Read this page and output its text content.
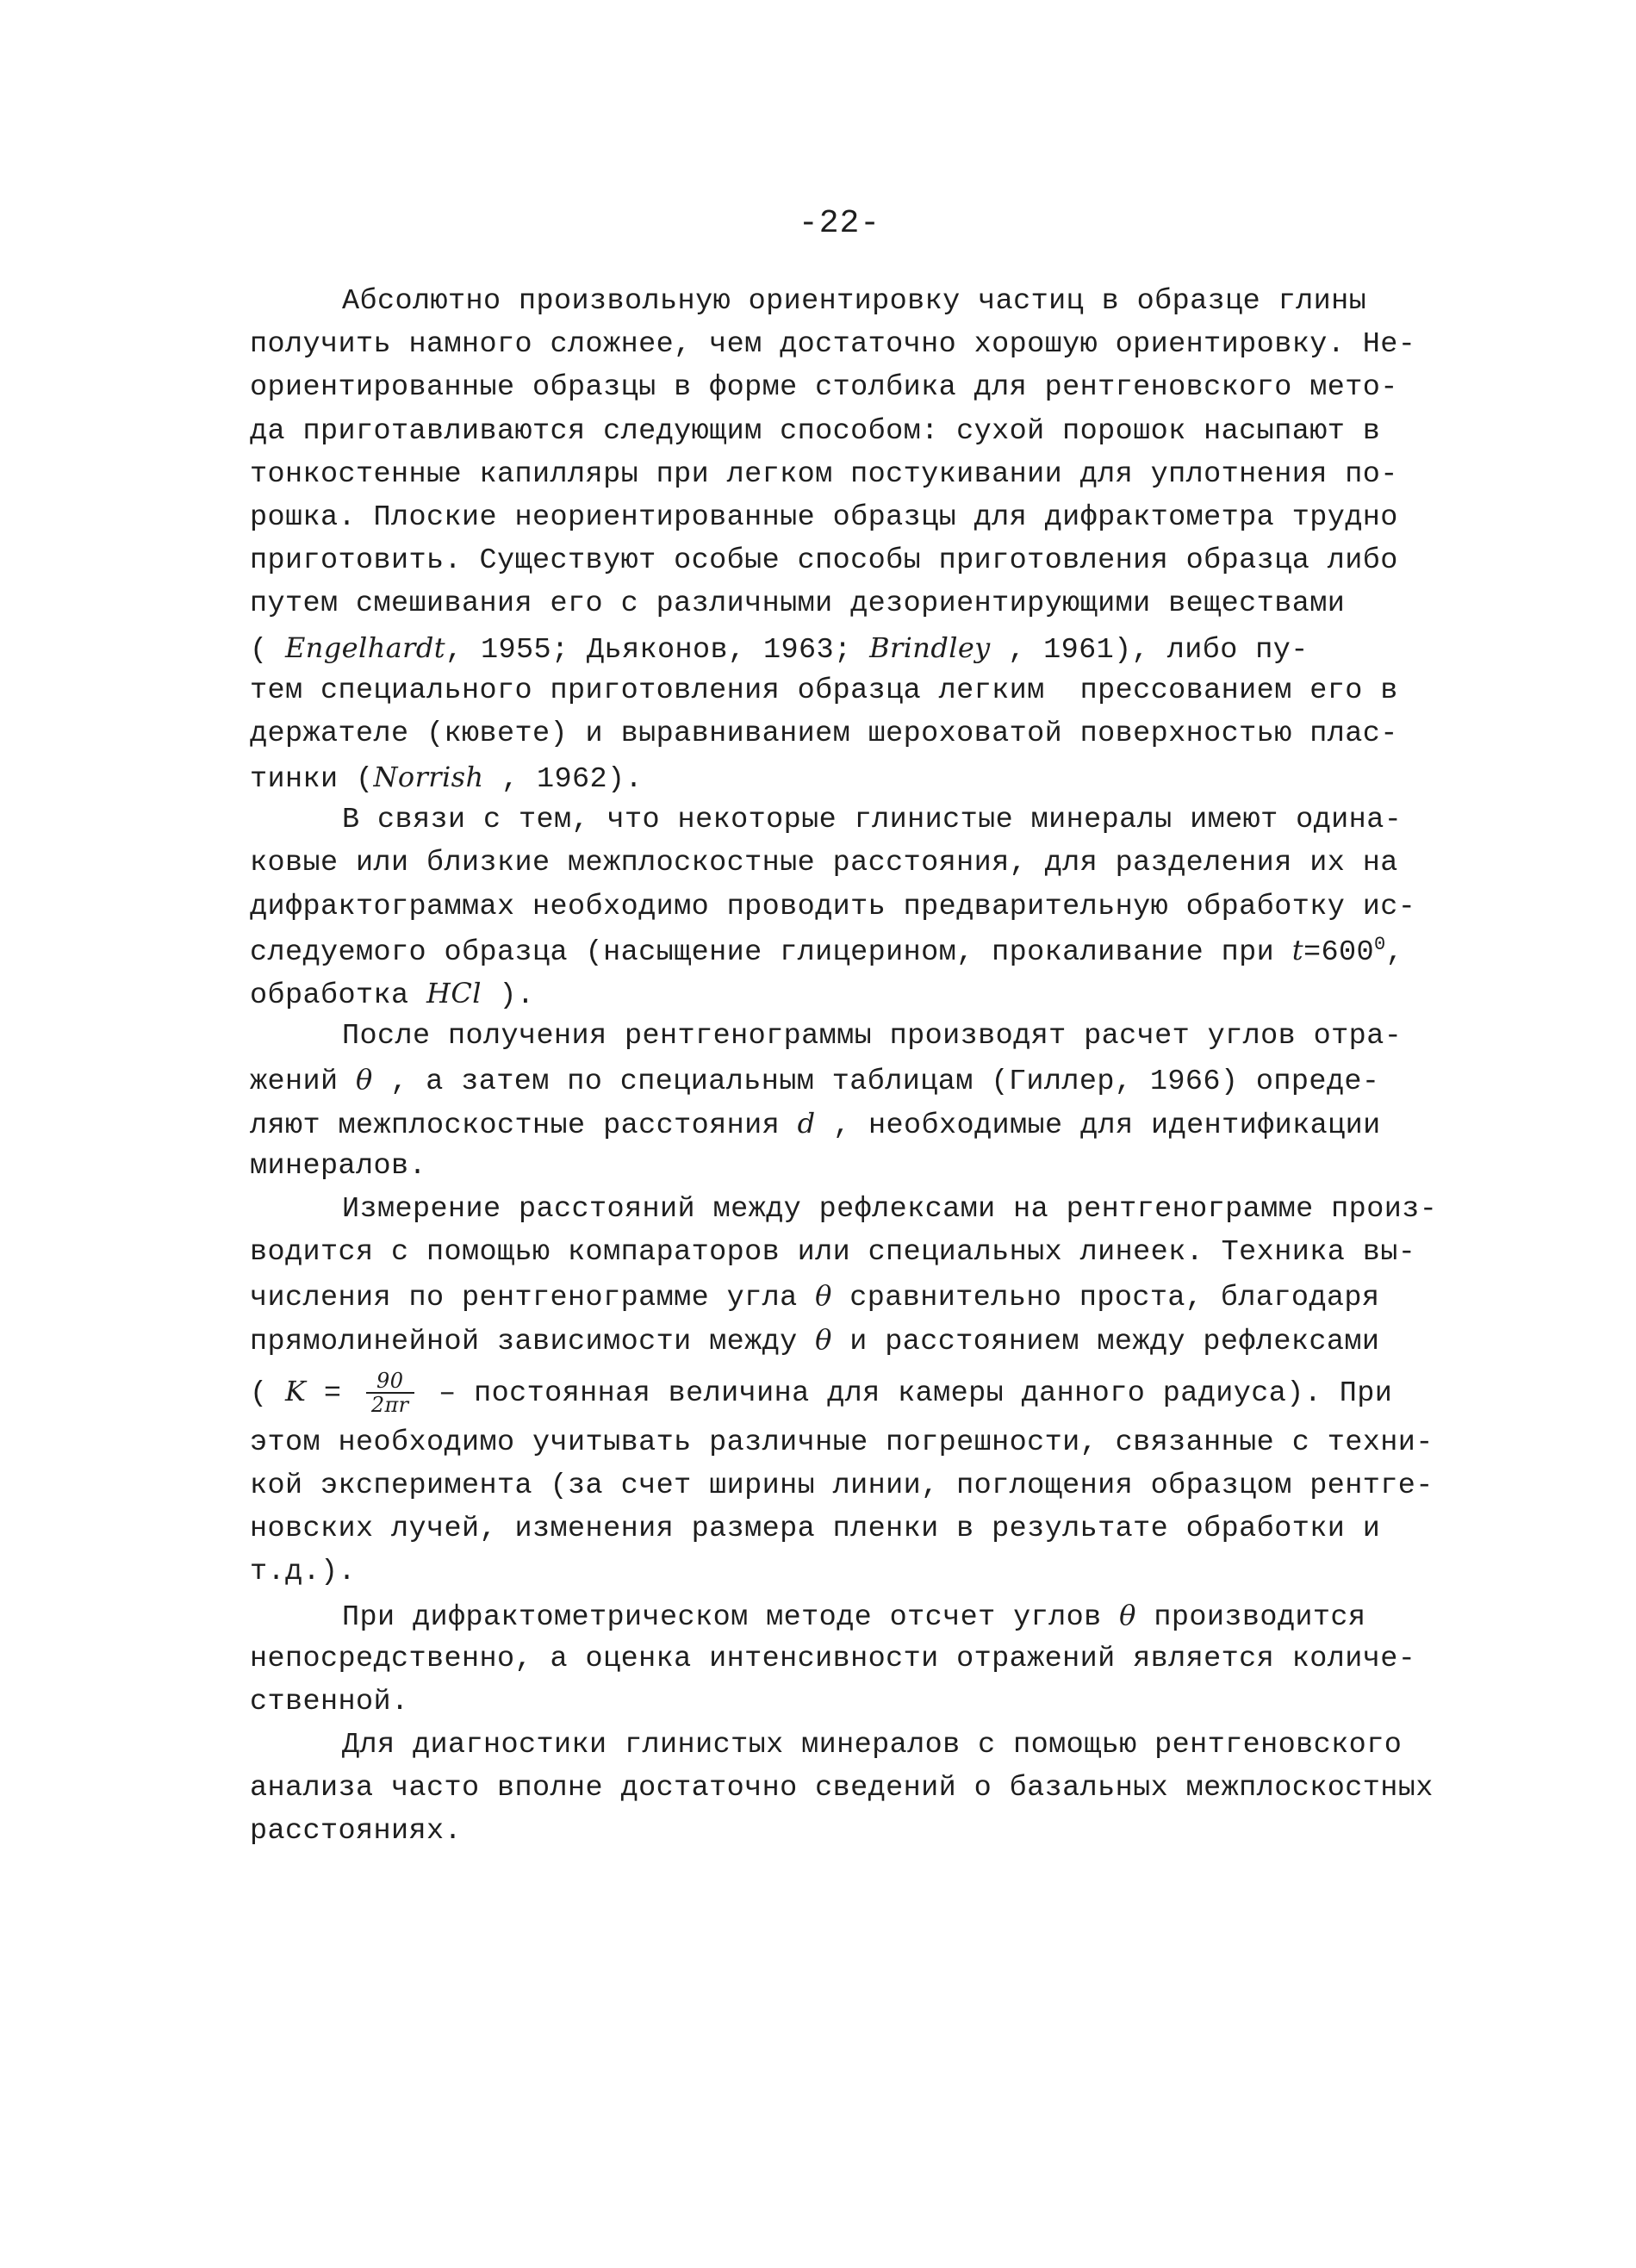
-22-
Абсолютно произвольную ориентировку частиц в образце глины
получить намного сложнее, чем достаточно хорошую ориентировку. Не-
ориентированные образцы в форме столбика для рентгеновского мето-
да приготавливаются следующим способом: сухой порошок насыпают в
тонкостенные капилляры при легком постукивании для уплотнения по-
рошка. Плоские неориентированные образцы для дифрактометра трудно
приготовить. Существуют особые способы приготовления образца либо
путем смешивания его с различными дезориентирующими веществами
( Engelhardt, 1955; Дьяконов, 1963; Brindley , 1961), либо пу-
тем специального приготовления образца легким  прессованием его в
держателе (кювете) и выравниванием шероховатой поверхностью плас-
тинки (Norrish , 1962).
В связи с тем, что некоторые глинистые минералы имеют одина-
ковые или близкие межплоскостные расстояния, для разделения их на
дифрактограммах необходимо проводить предварительную обработку ис-
следуемого образца (насыщение глицерином, прокаливание при $t=600^0$,
обработка HCl ).
После получения рентгенограммы производят расчет углов отра-
жений θ , а затем по специальным таблицам (Гиллер, 1966) опреде-
ляют межплоскостные расстояния d , необходимые для идентификации
минералов.
Измерение расстояний между рефлексами на рентгенограмме произ-
водится с помощью компараторов или специальных линеек. Техника вы-
числения по рентгенограмме угла θ сравнительно проста, благодаря
прямолинейной зависимости между θ и расстоянием между рефлексами
( $K = \frac{90}{2\pi r}$ – постоянная величина для камеры данного радиуса). При
этом необходимо учитывать различные погрешности, связанные с техни-
кой эксперимента (за счет ширины линии, поглощения образцом рентге-
новских лучей, изменения размера пленки в результате обработки и
т.д.).
При дифрактометрическом методе отсчет углов θ производится
непосредственно, а оценка интенсивности отражений является количе-
ственной.
Для диагностики глинистых минералов с помощью рентгеновского
анализа часто вполне достаточно сведений о базальных межплоскостных
расстояниях.
